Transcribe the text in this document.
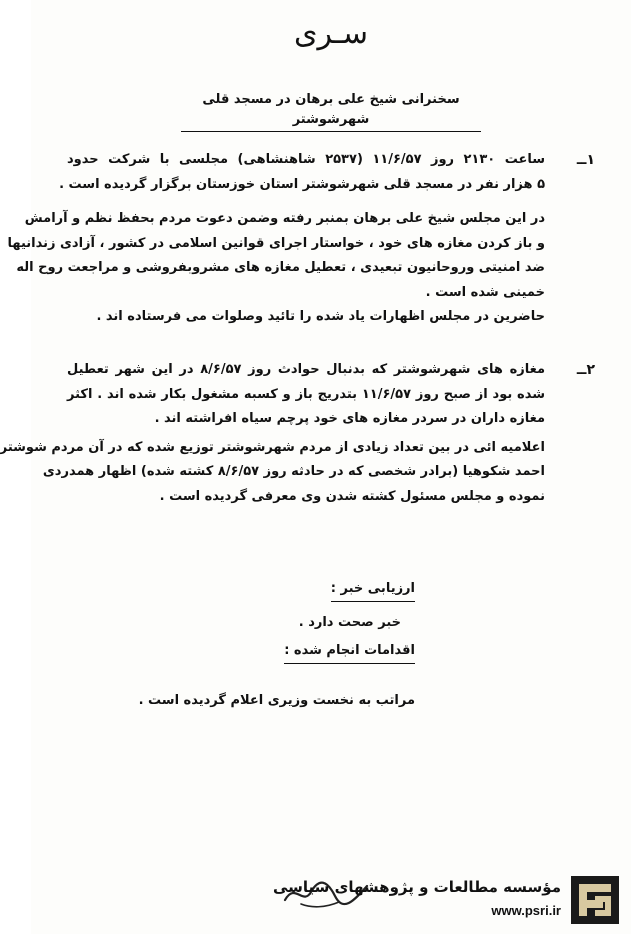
سـری
سخنرانی شیخ علی برهان در مسجد قلی شهرشوشتر
۱ــ
ساعت ۲۱۳۰ روز ۱۱/۶/۵۷ (۲۵۳۷ شاهنشاهی) مجلسی با شرکت حدود
۵ هزار نفر در مسجد قلی شهرشوشتر استان خوزستان برگزار گردیده است .
در این مجلس شیخ علی برهان بمنبر رفته وضمن دعوت مردم بحفظ نظم و آرامش
و باز کردن مغازه های خود ، خواستار اجرای قوانین اسلامی در کشور ، آزادی زندانیها
ضد امنیتی وروحانیون تبعیدی ، تعطیل مغازه های مشروبفروشی و مراجعت روح اله
خمینی شده است .
حاضرین در مجلس اظهارات یاد شده را تائید وصلوات می فرستاده اند .
۲ــ
مغازه های شهرشوشتر که بدنبال حوادث روز ۸/۶/۵۷ در این شهر تعطیل
شده بود از صبح روز ۱۱/۶/۵۷ بتدریج باز و کسبه مشغول بکار شده اند . اکثر
مغازه داران در سردر مغازه های خود پرچم سیاه افراشته اند .
اعلامیه ائی در بین تعداد زیادی از مردم شهرشوشتر توزیع شده که در آن مردم شوشتر
احمد شکوهیا (برادر شخصی که در حادثه روز ۸/۶/۵۷ کشته شده) اظهار همدردی
نموده و مجلس مسئول کشته شدن وی معرفی گردیده است .
ارزیابی خبر :
خبر صحت دارد .
اقدامات انجام شده :
مراتب به نخست وزیری اعلام گردیده است .
مؤسسه مطالعات و پژوهشهای سیاسی
www.psri.ir
